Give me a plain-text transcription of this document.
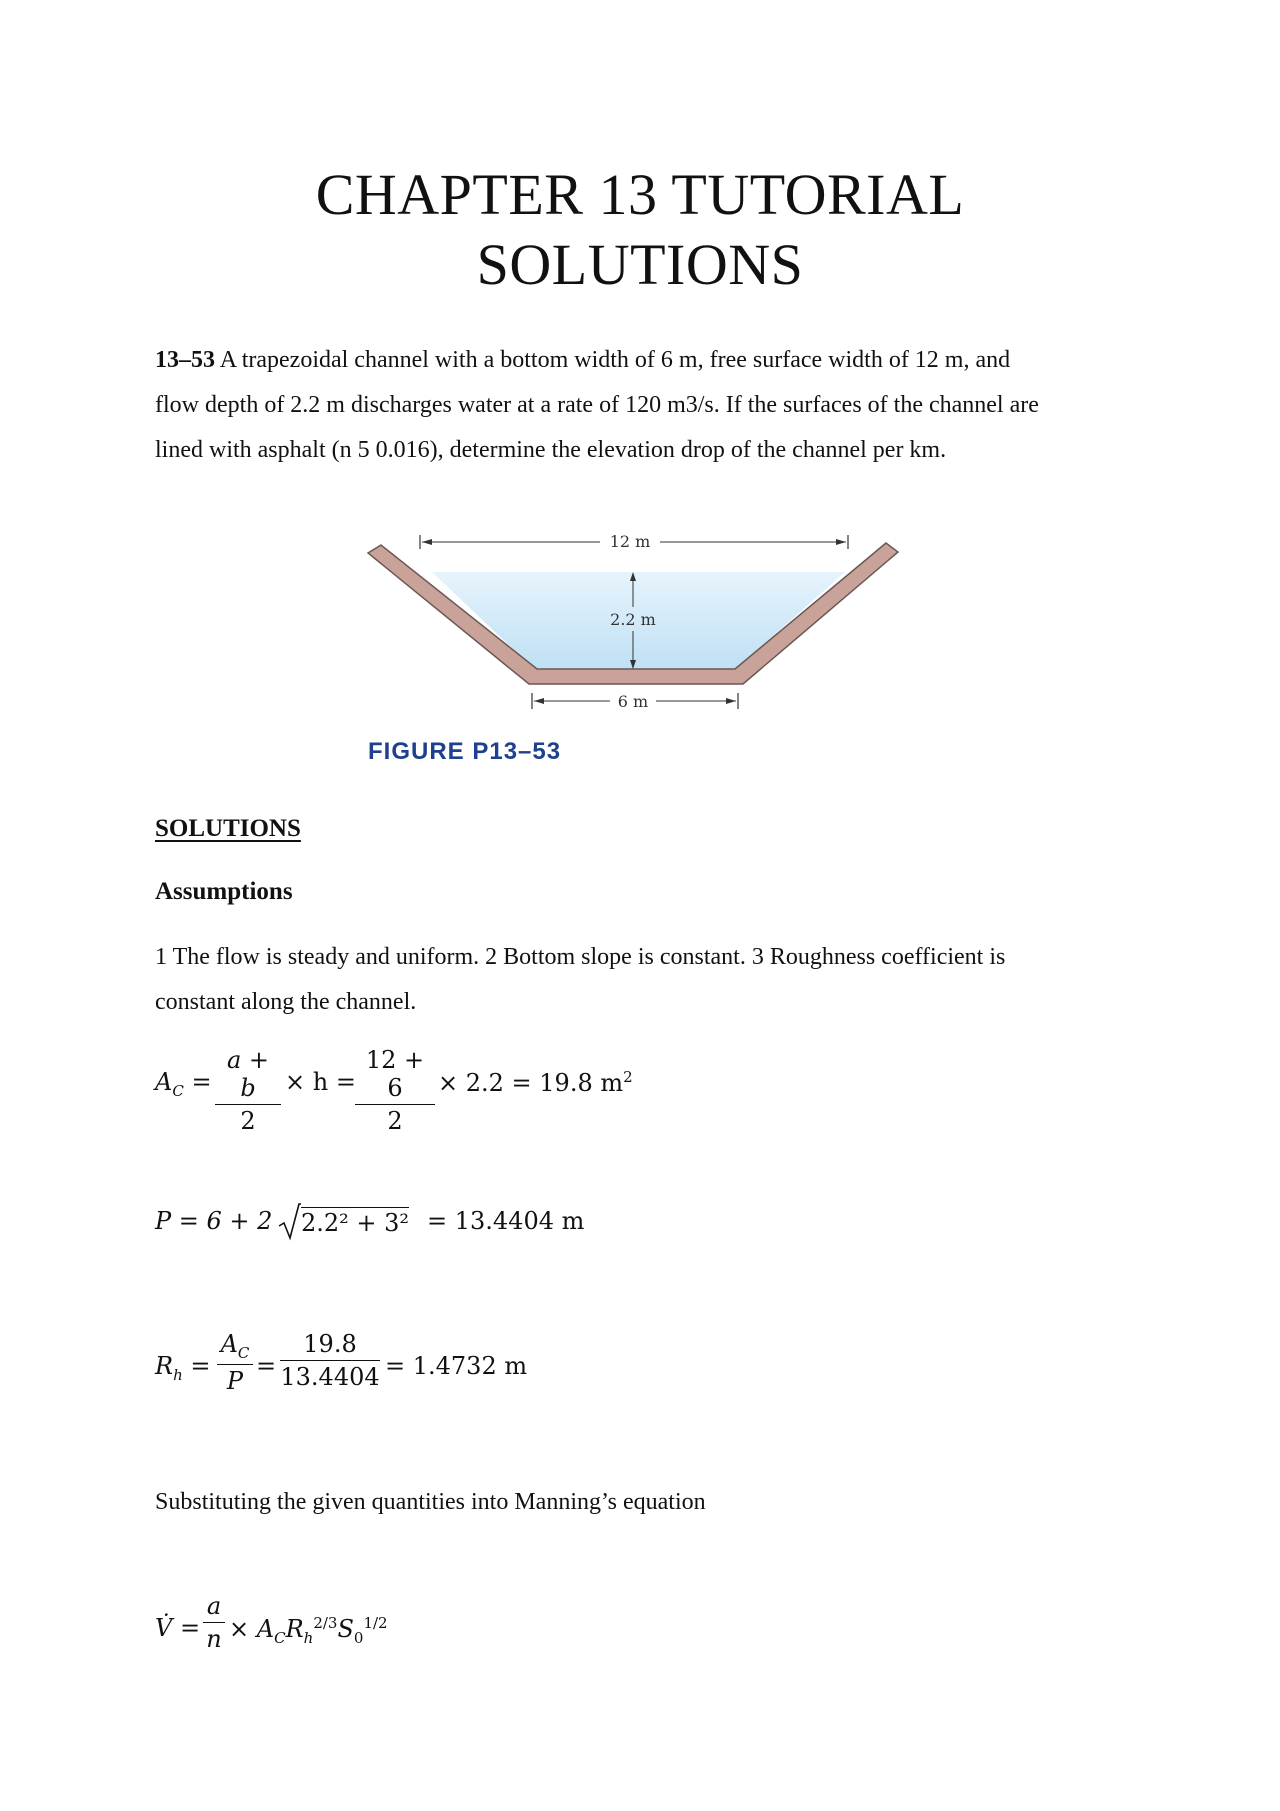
CHAPTER 13 TUTORIAL
SOLUTIONS
13–53 A trapezoidal channel with a bottom width of 6 m, free surface width of 12 m, and
flow depth of 2.2 m discharges water at a rate of 120 m3/s. If the surfaces of the channel are
lined with asphalt (n 5 0.016), determine the elevation drop of the channel per km.
12 m
2.2 m
6 m
FIGURE P13–53
SOLUTIONS
Assumptions
1 The flow is steady and uniform. 2 Bottom slope is constant. 3 Roughness coefficient is
constant along the channel.
$A_C = \frac{a + b}{2} \times h = \frac{12 + 6}{2} \times 2.2 = 19.8$ $m^2$
P = 6 + 2 2.2² + 3² = 13.4404 m
$R_h = \frac{A_C}{P} = \frac{19.8}{13.4404} = 1.4732$ m
Substituting the given quantities into Manning’s equation
V̇ = $\frac{a}{n} \times A_CR_h^{2/3}S_0^{1/2}$
